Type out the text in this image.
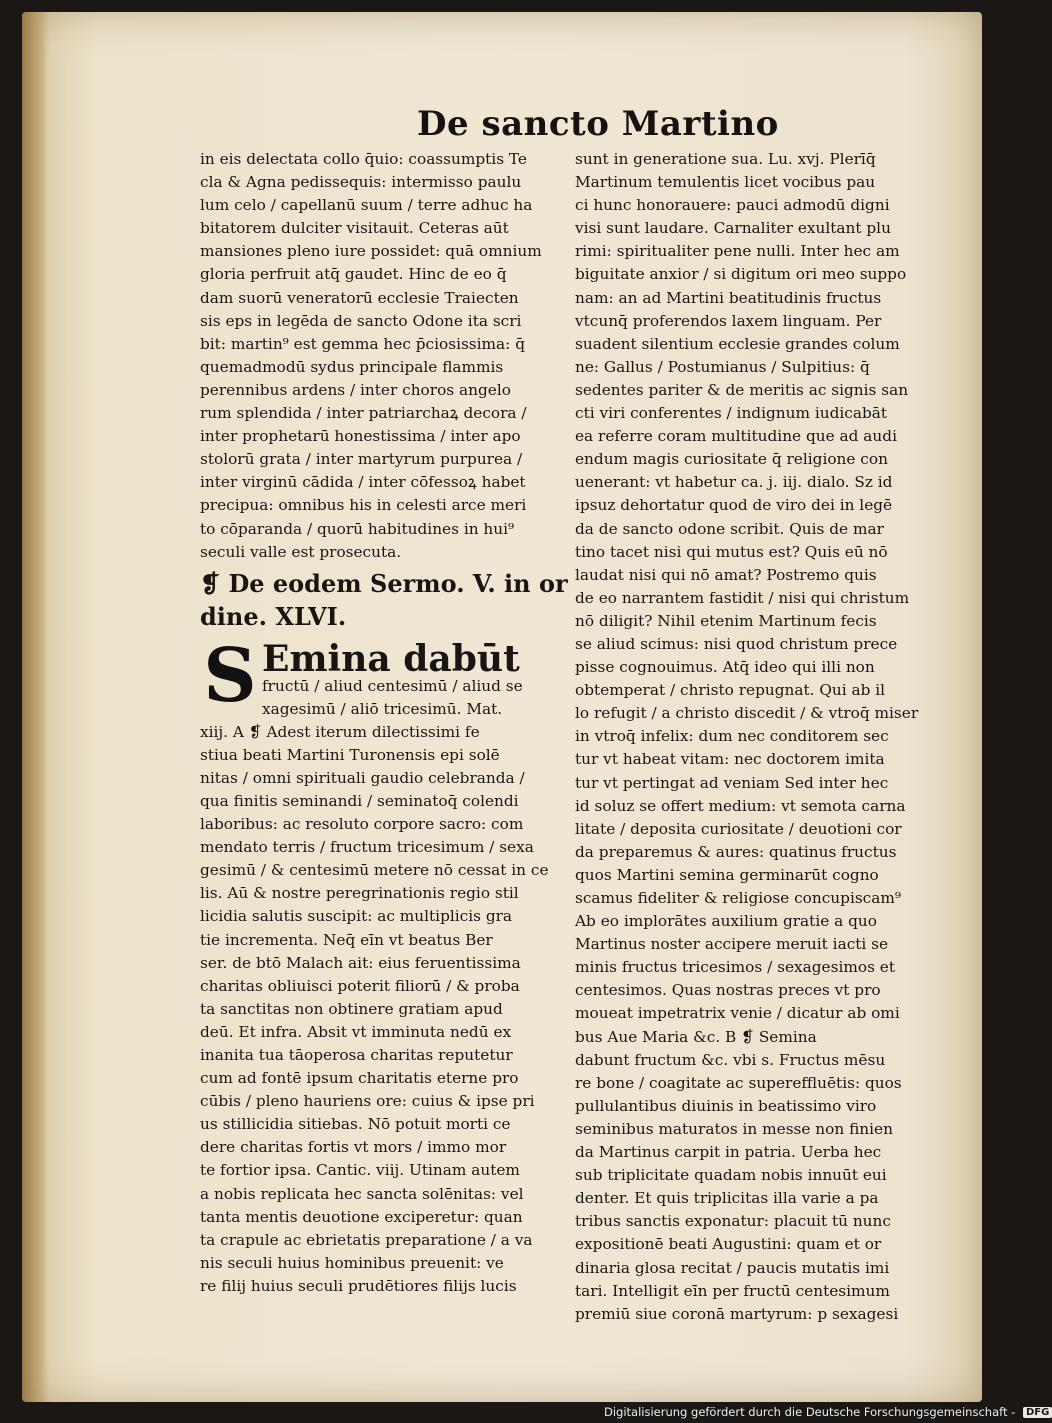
De sancto Martino
in eis delectata collo q̄uio: coassumptis Te
cla & Agna pedissequis: intermisso paulu
lum celo / capellanū suum / terre adhuc ha
bitatorem dulciter visitauit. Ceteras aūt
mansiones pleno iure possidet: quā omnium
gloria perfruit atq̄ gaudet. Hinc de eo q̄
dam suorū veneratorū ecclesie Traiecten
sis eps in legēda de sancto Odone ita scri
bit: martin⁹ est gemma hec p̄ciosissima: q̄
quemadmodū sydus principale flammis
perennibus ardens / inter choros angelo
rum splendida / inter patriarchaꝝ decora /
inter prophetarū honestissima / inter apo
stolorū grata / inter martyrum purpurea /
inter virginū cādida / inter cōfessoꝝ habet
precipua: omnibus his in celesti arce meri
to cōparanda / quorū habitudines in hui⁹
seculi valle est prosecuta.
❡ De eodem Sermo. V. in or
dine. XLVI.
S Emina dabūt
fructū / aliud centesimū / aliud se
xagesimū / aliō tricesimū. Mat.
xiij. A ❡ Adest iterum dilectissimi fe
stiua beati Martini Turonensis epi solē
nitas / omni spirituali gaudio celebranda /
qua finitis seminandi / seminatoq̄ colendi
laboribus: ac resoluto corpore sacro: com
mendato terris / fructum tricesimum / sexa
gesimū / & centesimū metere nō cessat in ce
lis. Aū & nostre peregrinationis regio stil
licidia salutis suscipit: ac multiplicis gra
tie incrementa. Neq̄ eīn vt beatus Ber
ser. de btō Malach ait: eius feruentissima
charitas obliuisci poterit filiorū / & proba
ta sanctitas non obtinere gratiam apud
deū. Et infra. Absit vt imminuta nedū ex
inanita tua tāoperosa charitas reputetur
cum ad fontē ipsum charitatis eterne pro
cūbis / pleno hauriens ore: cuius & ipse pri
us stillicidia sitiebas. Nō potuit morti ce
dere charitas fortis vt mors / immo mor
te fortior ipsa. Cantic. viij. Utinam autem
a nobis replicata hec sancta solēnitas: vel
tanta mentis deuotione exciperetur: quan
ta crapule ac ebrietatis preparatione / a va
nis seculi huius hominibus preuenit: ve
re filij huius seculi prudētiores filijs lucis
sunt in generatione sua. Lu. xvj. Plerīq̄
Martinum temulentis licet vocibus pau
ci hunc honorauere: pauci admodū digni
visi sunt laudare. Carnaliter exultant plu
rimi: spiritualiter pene nulli. Inter hec am
biguitate anxior / si digitum ori meo suppo
nam: an ad Martini beatitudinis fructus
vtcunq̄ proferendos laxem linguam. Per
suadent silentium ecclesie grandes colum
ne: Gallus / Postumianus / Sulpitius: q̄
sedentes pariter & de meritis ac signis san
cti viri conferentes / indignum iudicabāt
ea referre coram multitudine que ad audi
endum magis curiositate q̄ religione con
uenerant: vt habetur ca. j. iij. dialo. Sz id
ipsuz dehortatur quod de viro dei in legē
da de sancto odone scribit. Quis de mar
tino tacet nisi qui mutus est? Quis eū nō
laudat nisi qui nō amat? Postremo quis
de eo narrantem fastidit / nisi qui christum
nō diligit? Nihil etenim Martinum fecis
se aliud scimus: nisi quod christum prece
pisse cognouimus. Atq̄ ideo qui illi non
obtemperat / christo repugnat. Qui ab il
lo refugit / a christo discedit / & vtroq̄ miser
in vtroq̄ infelix: dum nec conditorem sec
tur vt habeat vitam: nec doctorem imita
tur vt pertingat ad veniam Sed inter hec
id soluz se offert medium: vt semota carna
litate / deposita curiositate / deuotioni cor
da preparemus & aures: quatinus fructus
quos Martini semina germinarūt cogno
scamus fideliter & religiose concupiscam⁹
Ab eo implorātes auxilium gratie a quo
Martinus noster accipere meruit iacti se
minis fructus tricesimos / sexagesimos et
centesimos. Quas nostras preces vt pro
moueat impetratrix venie / dicatur ab omi
bus Aue Maria &c. B ❡ Semina
dabunt fructum &c. vbi s. Fructus mēsu
re bone / coagitate ac supereffluētis: quos
pullulantibus diuinis in beatissimo viro
seminibus maturatos in messe non finien
da Martinus carpit in patria. Uerba hec
sub triplicitate quadam nobis innuūt eui
denter. Et quis triplicitas illa varie a pa
tribus sanctis exponatur: placuit tū nunc
expositionē beati Augustini: quam et or
dinaria glosa recitat / paucis mutatis imi
tari. Intelligit eīn per fructū centesimum
premiū siue coronā martyrum: p sexagesi
Digitalisierung gefördert durch die Deutsche Forschungsgemeinschaft - DFG
